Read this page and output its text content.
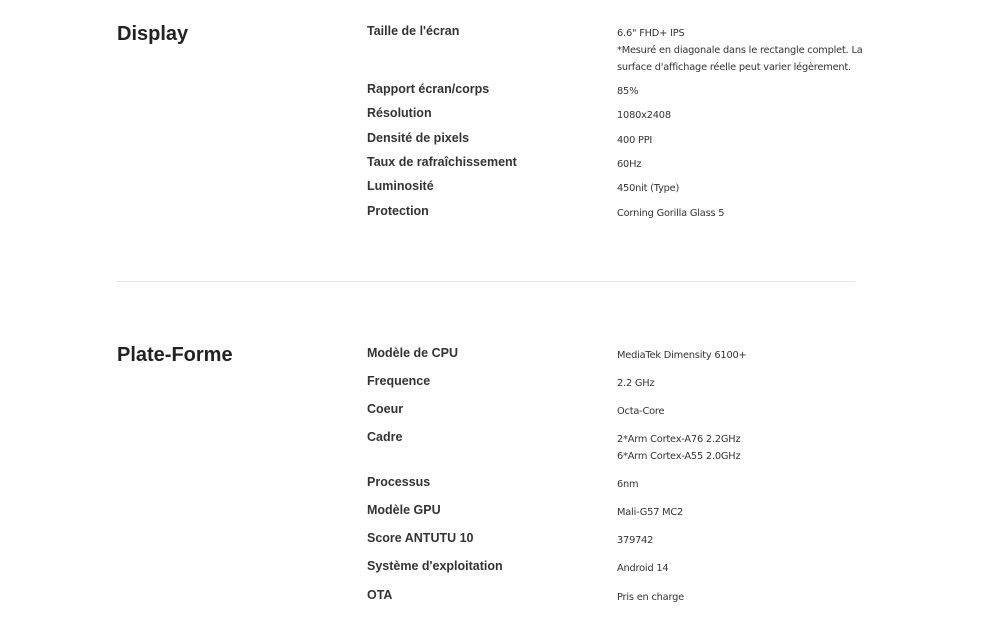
Display	Taille de l'écran	6.6" FHD+ IPS
*Mesuré en diagonale dans le rectangle complet. La
surface d'affichage réelle peut varier légèrement.
Rapport écran/corps	85%
Résolution	1080x2408
Densité de pixels	400 PPI
Taux de rafraîchissement	60Hz
Luminosité	450nit (Type)
Protection	Corning Gorilla Glass 5
Plate-Forme	Modèle de CPU	MediaTek Dimensity 6100+
Frequence	2.2 GHz
Coeur	Octa-Core
Cadre	2*Arm Cortex-A76 2.2GHz
6*Arm Cortex-A55 2.0GHz
Processus	6nm
Modèle GPU	Mali-G57 MC2
Score ANTUTU 10	379742
Système d'exploitation	Android 14
OTA	Pris en charge
